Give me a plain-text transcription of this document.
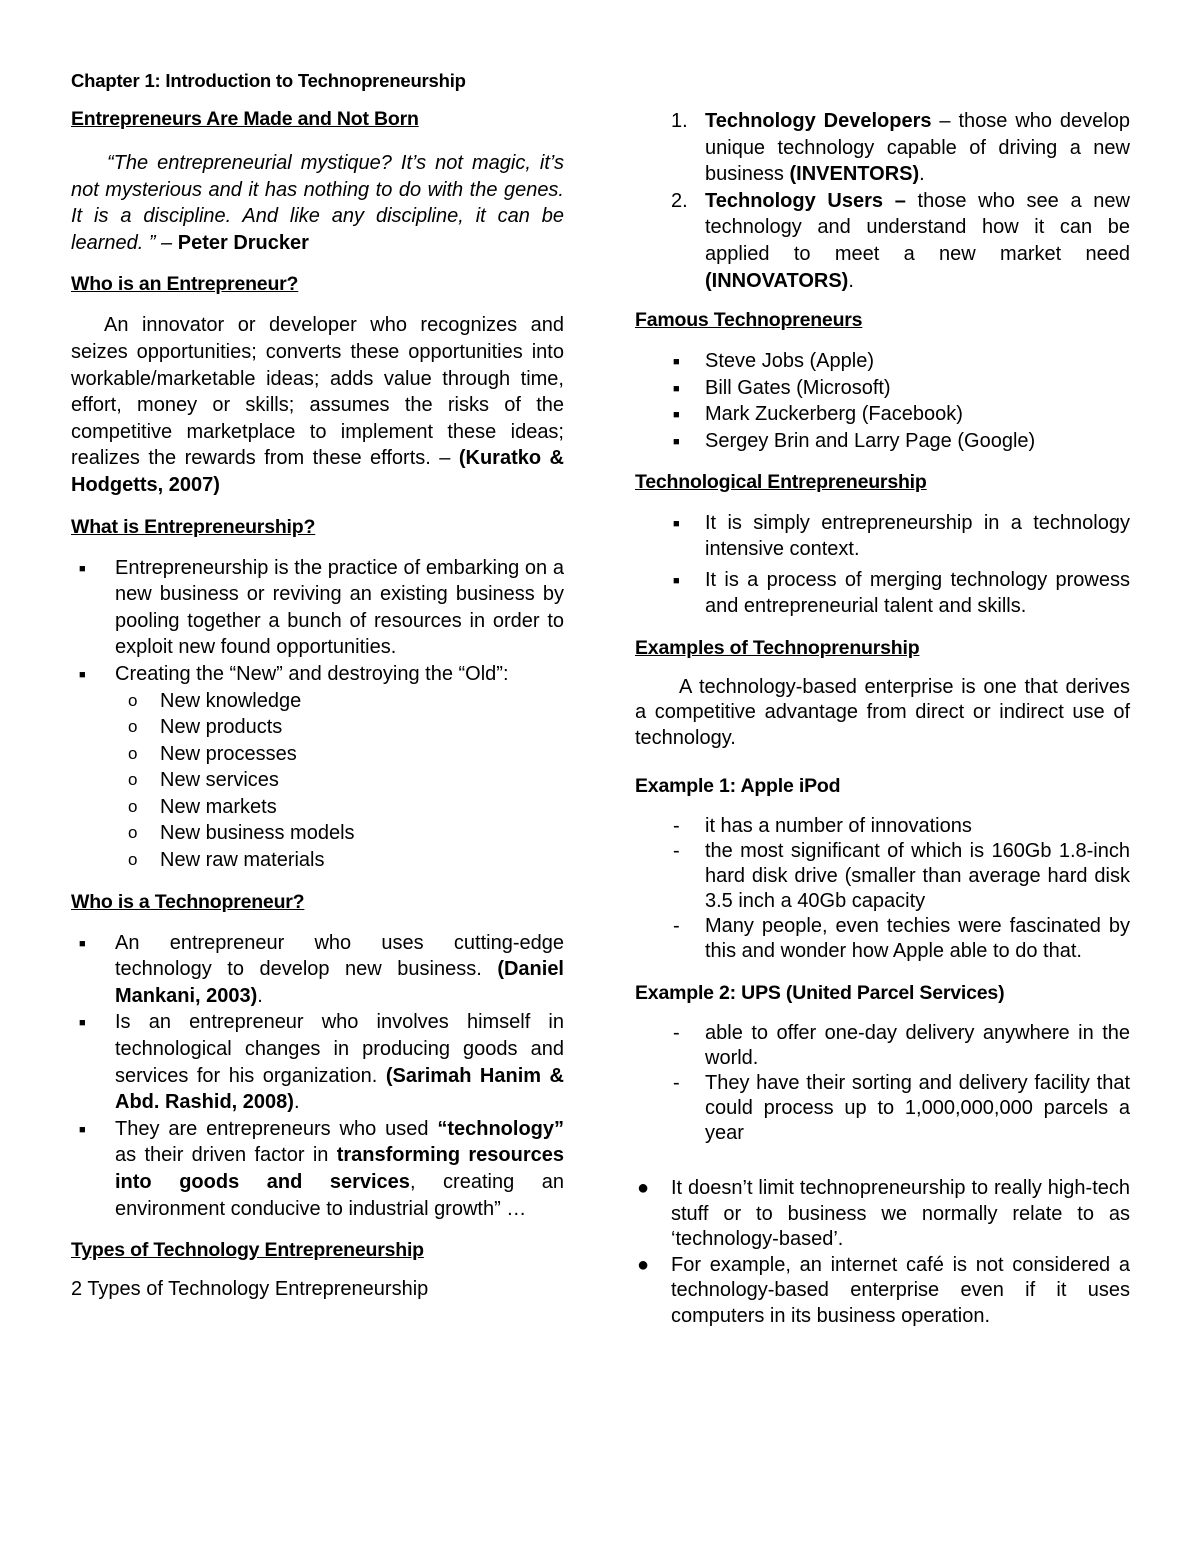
Chapter 1: Introduction to Technopreneurship

Entrepreneurs Are Made and Not Born

“The entrepreneurial mystique? It’s not magic, it’s not mysterious and it has nothing to do with the genes. It is a discipline. And like any discipline, it can be learned. ” – Peter Drucker

Who is an Entrepreneur?

An innovator or developer who recognizes and seizes opportunities; converts these opportunities into workable/marketable ideas; adds value through time, effort, money or skills; assumes the risks of the competitive marketplace to implement these ideas; realizes the rewards from these efforts. – (Kuratko & Hodgetts, 2007)

What is Entrepreneurship?

■ Entrepreneurship is the practice of embarking on a new business or reviving an existing business by pooling together a bunch of resources in order to exploit new found opportunities.
■ Creating the “New” and destroying the “Old”:
o New knowledge
o New products
o New processes
o New services
o New markets
o New business models
o New raw materials

Who is a Technopreneur?

■ An entrepreneur who uses cutting-edge technology to develop new business. (Daniel Mankani, 2003).
■ Is an entrepreneur who involves himself in technological changes in producing goods and services for his organization. (Sarimah Hanim & Abd. Rashid, 2008).
■ They are entrepreneurs who used “technology” as their driven factor in transforming resources into goods and services, creating an environment conducive to industrial growth” …

Types of Technology Entrepreneurship

2 Types of Technology Entrepreneurship

1. Technology Developers – those who develop unique technology capable of driving a new business (INVENTORS).
2. Technology Users – those who see a new technology and understand how it can be applied to meet a new market need (INNOVATORS).

Famous Technopreneurs

■ Steve Jobs (Apple)
■ Bill Gates (Microsoft)
■ Mark Zuckerberg (Facebook)
■ Sergey Brin and Larry Page (Google)

Technological Entrepreneurship

■ It is simply entrepreneurship in a technology intensive context.
■ It is a process of merging technology prowess and entrepreneurial talent and skills.

Examples of Technoprenurship

A technology-based enterprise is one that derives a competitive advantage from direct or indirect use of technology.

Example 1: Apple iPod

- it has a number of innovations
- the most significant of which is 160Gb 1.8-inch hard disk drive (smaller than average hard disk 3.5 inch a 40Gb capacity
- Many people, even techies were fascinated by this and wonder how Apple able to do that.

Example 2: UPS (United Parcel Services)

- able to offer one-day delivery anywhere in the world.
- They have their sorting and delivery facility that could process up to 1,000,000,000 parcels a year
● It doesn’t limit technopreneurship to really high-tech stuff or to business we normally relate to as ‘technology-based’.
● For example, an internet café is not considered a technology-based enterprise even if it uses computers in its business operation.
